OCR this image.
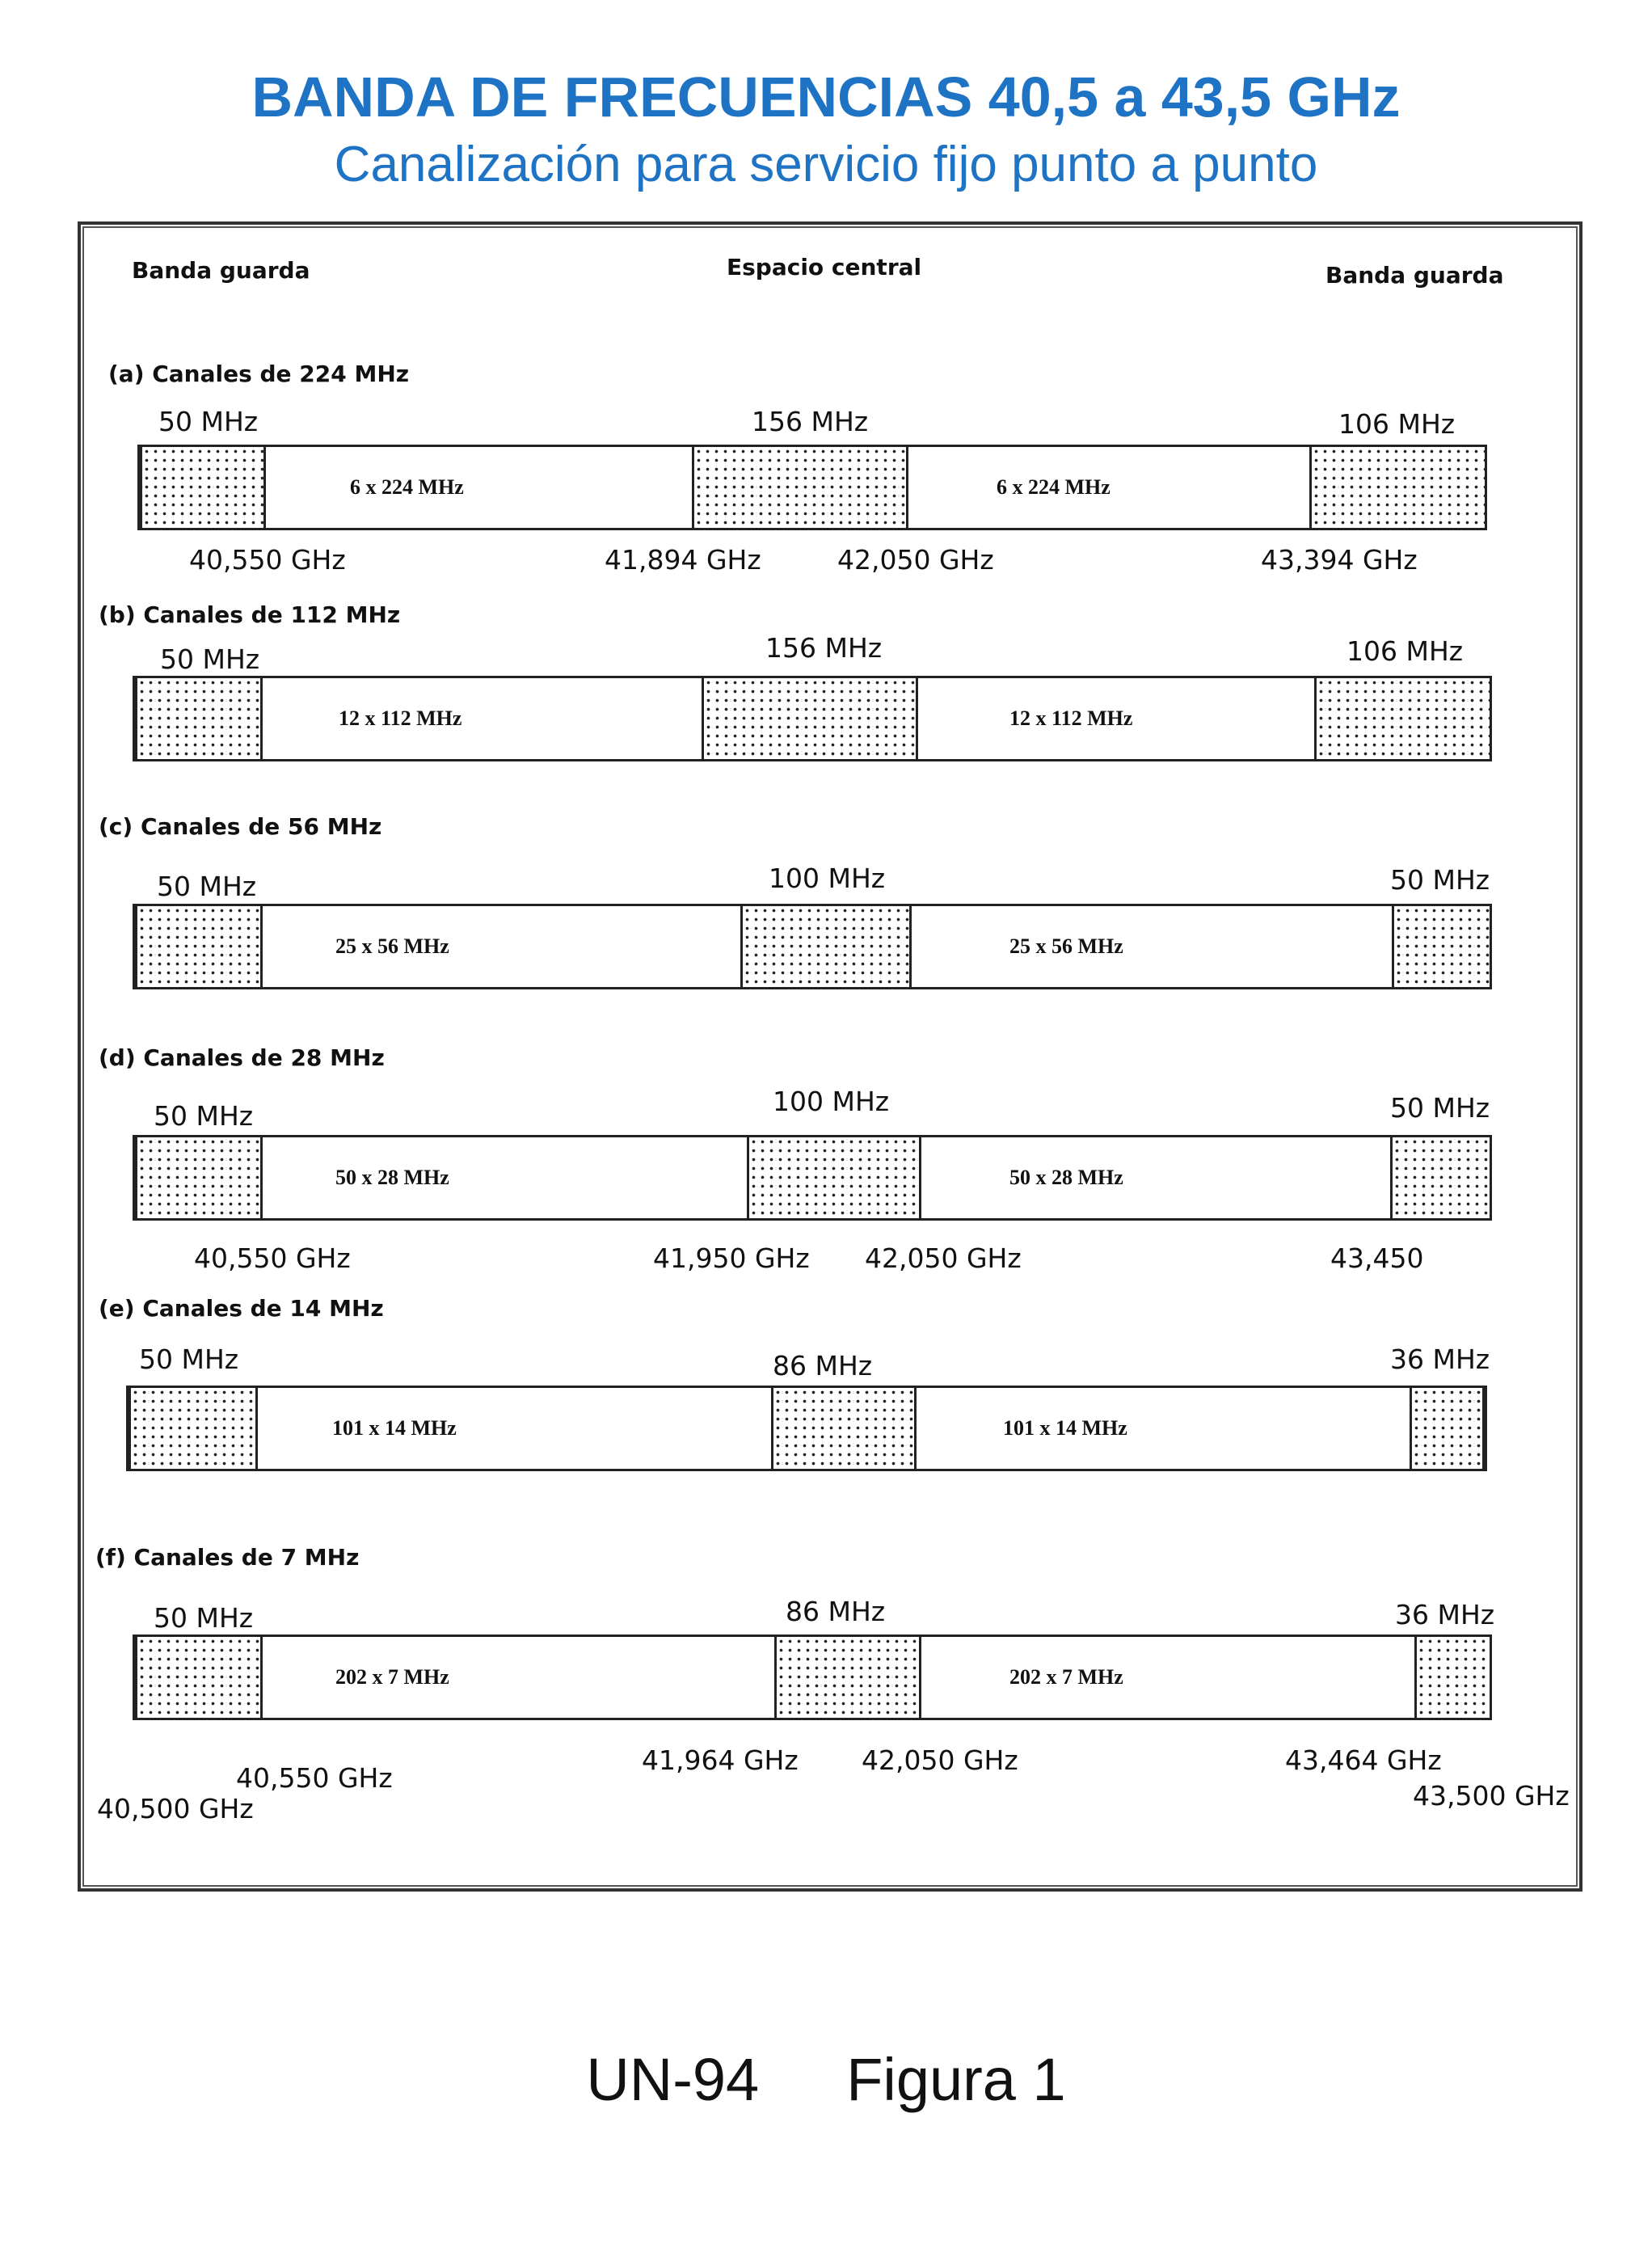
BANDA DE FRECUENCIAS 40,5 a 43,5 GHz
Canalización para servicio fijo punto a punto
Banda guarda	Espacio central	Banda guarda
(a) Canales de 224 MHz
50 MHz	156 MHz	106 MHz
6 x 224 MHz	6 x 224 MHz
40,550 GHz	41,894 GHz	42,050 GHz	43,394 GHz
(b) Canales de 112 MHz
50 MHz	156 MHz	106 MHz
12 x 112 MHz	12 x 112 MHz
(c) Canales de 56 MHz
50 MHz	100 MHz	50 MHz
25 x 56 MHz	25 x 56 MHz
(d) Canales de 28 MHz
50 MHz	100 MHz	50 MHz
50 x 28 MHz	50 x 28 MHz
40,550 GHz	41,950 GHz 42,050 GHz	43,450
(e) Canales de 14 MHz
50 MHz	86 MHz	36 MHz
101 x 14 MHz	101 x 14 MHz
(f) Canales de 7 MHz
50 MHz	86 MHz	36 MHz
202 x 7 MHz	202 x 7 MHz
40,550 GHz
41,964 GHz 42,050 GHz	43,464 GHz
40,500 GHz	43,500 GHz
UN-94 Figura 1
